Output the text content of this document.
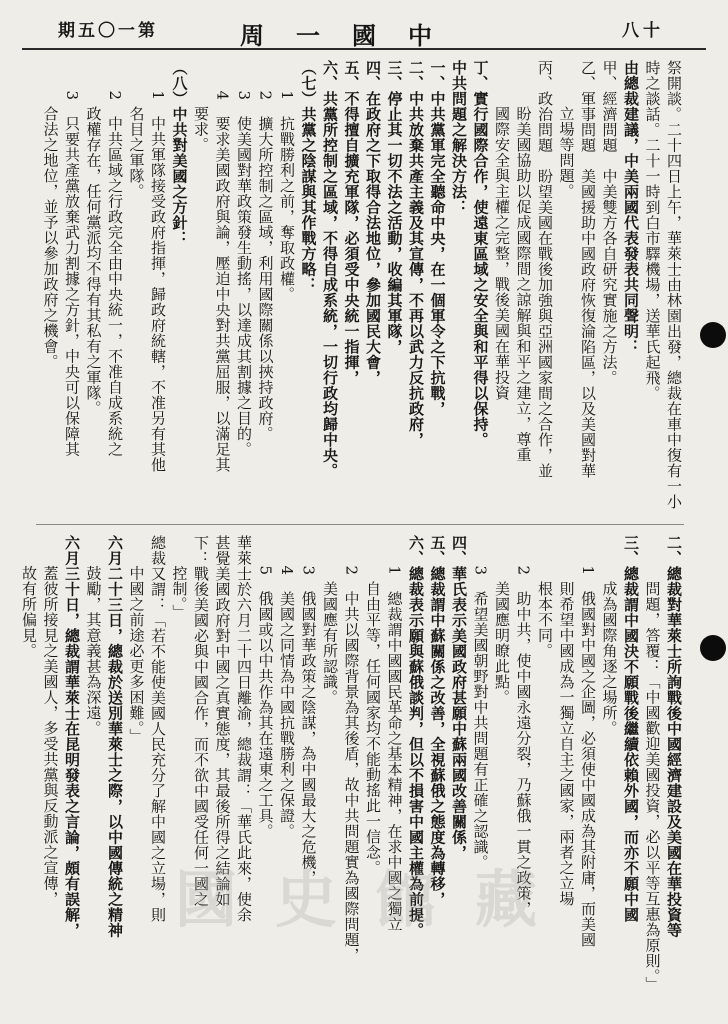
期五〇一第	周一國中	八十
祭開談。二十四日上午，華萊士由林園出發，總裁在車中復有一小
時之談話。二十一時到白市驛機場，送華氏起飛。
由總裁建議，中美兩國代表發表共同聲明：
甲、經濟問題　中美雙方各自研究實施之方法。
乙、軍事問題　美國援助中國政府恢復淪陷區，以及美國對華
　　立場等問題。
丙、政治問題　盼望美國在戰後加強與亞洲國家間之合作，並
　　盼美國協助以促成國際間之諒解與和平之建立，尊重
　　國際安全與主權之完整，戰後美國在華投資
丁、實行國際合作，使遠東區域之安全與和平得以保持。
中共問題之解決方法：
一、中共黨軍完全聽命中央，在一個軍令之下抗戰，
二、中共放棄共產主義及其宣傳，不再以武力反抗政府，
三、停止其一切不法之活動，收編其軍隊，
四、在政府之下取得合法地位，參加國民大會，
五、不得擅自擴充軍隊，必須受中央統一指揮，
六、共黨所控制之區域，不得自成系統，一切行政均歸中央。
（七）共黨之陰謀與其作戰方略：
　1　抗戰勝利之前，奪取政權。
　2　擴大所控制之區域，利用國際關係以挾持政府。
　3　使美國對華政策發生動搖，以達成其割據之目的。
　4　要求美國政府與論，壓迫中央對共黨屈服，以滿足其
　　要求。
（八）中共對美國之方針：
　1　中共軍隊接受政府指揮，歸政府統轄，不准另有其他
　　名目之軍隊。
　2　中共區域之行政完全由中央統一，不准自成系統之
　　政權存在，任何黨派均不得有其私有之軍隊。
　3　只要共產黨放棄武力割據之方針，中央可以保障其
　　合法之地位，並予以參加政府之機會。
二、總裁對華萊士所詢戰後中國經濟建設及美國在華投資等
　　問題，答覆：「中國歡迎美國投資，必以平等互惠為原則。」
三、總裁謂中國決不願戰後繼續依賴外國，而亦不願中國
　　成為國際角逐之場所。
　1　俄國對中國之企圖，必須使中國成為其附庸，而美國
　　則希望中國成為一獨立自主之國家，兩者之立場
　　根本不同。
　2　助中共，使中國永遠分裂，乃蘇俄一貫之政策，
　　美國應明瞭此點。
　3　希望美國朝野對中共問題有正確之認識。
四、華氏表示美國政府甚願中蘇兩國改善關係，
五、總裁謂中蘇關係之改善，全視蘇俄之態度為轉移，
六、總裁表示願與蘇俄談判，但以不損害中國主權為前提。
　1　總裁謂中國國民革命之基本精神，在求中國之獨立
　　自由平等，任何國家均不能動搖此一信念。
　2　中共以國際背景為其後盾，故中共問題實為國際問題，
　　美國應有所認識。
　3　俄國對華政策之陰謀，為中國最大之危機，
　4　美國之同情為中國抗戰勝利之保證。
　5　俄國或以中共作為其在遠東之工具。
華萊士於六月二十四日離渝，總裁謂：「華氏此來，使余
甚覺美國政府對中國之真實態度，其最後所得之結論如
下：戰後美國必與中國合作，而不欲中國受任何一國之
　控制。」
總裁又謂：「若不能使美國人民充分了解中國之立場，則
　中國之前途必更多困難。」
六月二十三日，總裁於送別華萊士之際，以中國傳統之精神
　鼓勵，其意義甚為深遠。
六月三十日，總裁謂華萊士在昆明發表之言論，頗有誤解，
　蓋彼所接見之美國人，多受共黨與反動派之宣傳，
　故有所偏見。
國史館藏
